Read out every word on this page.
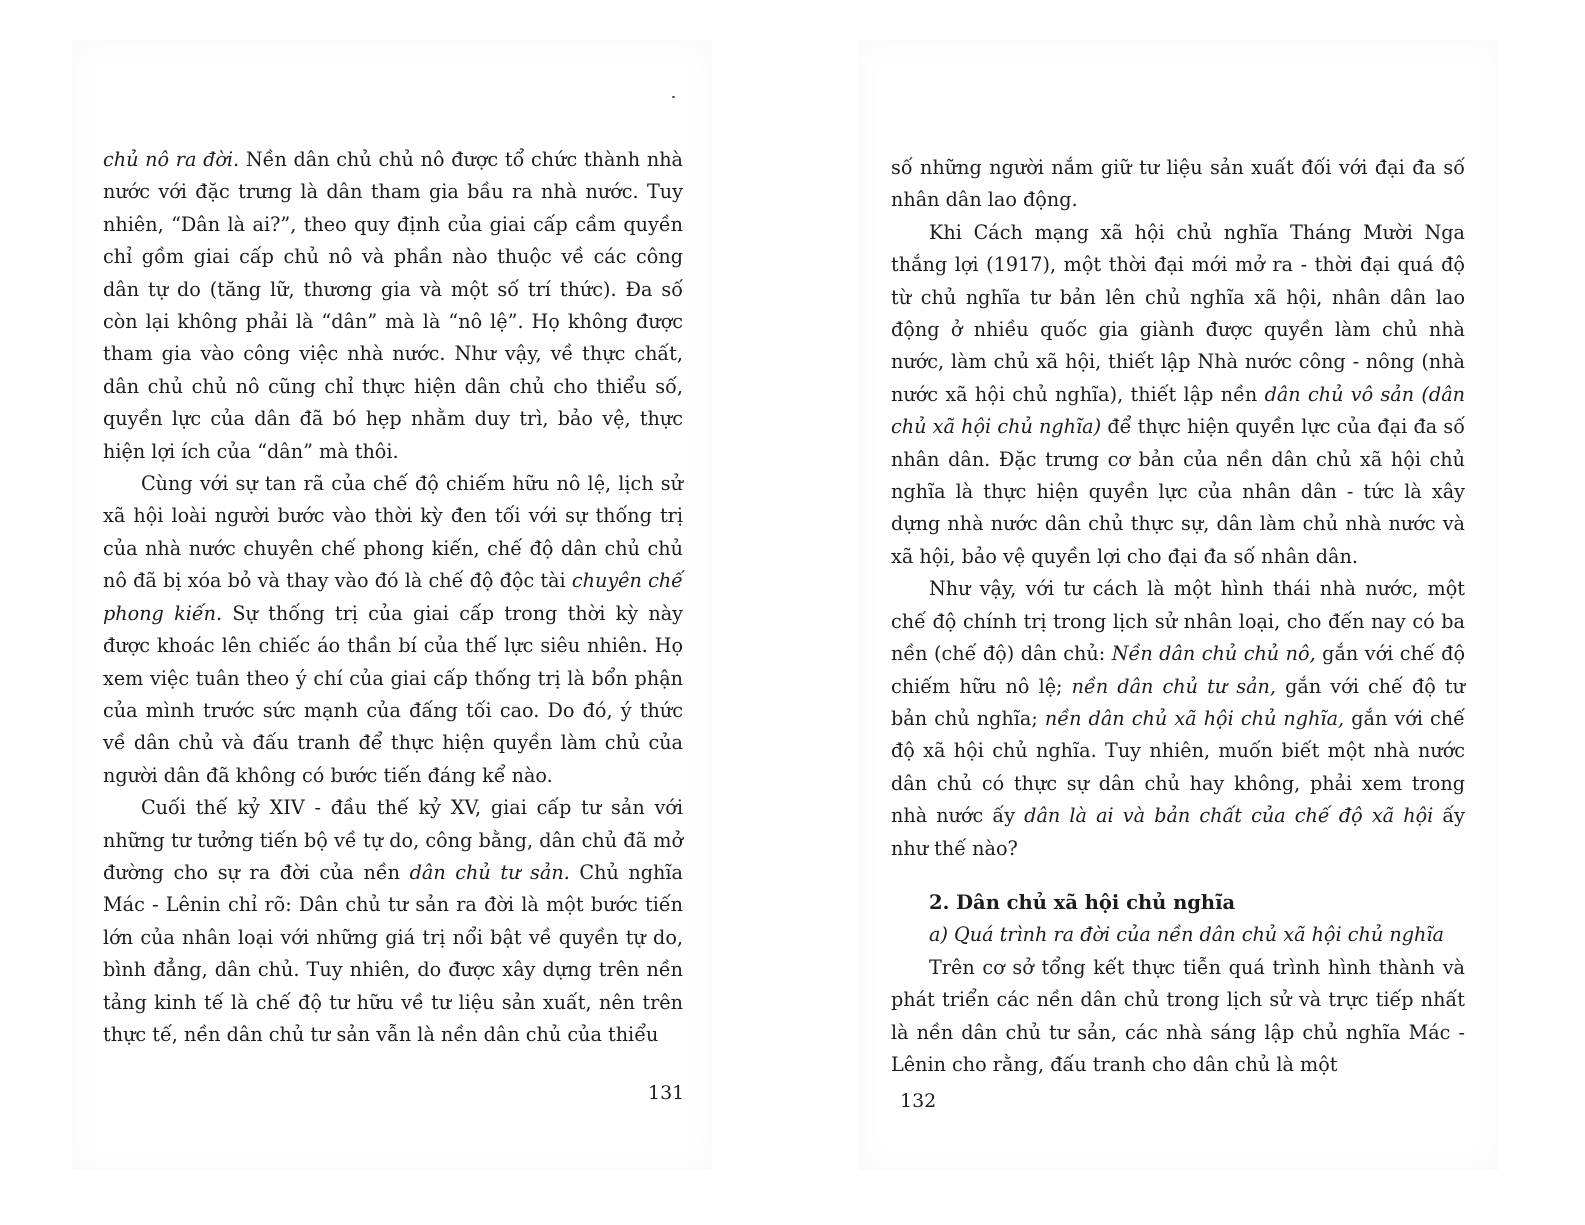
chủ nô ra đời. Nền dân chủ chủ nô được tổ chức thành nhà nước với đặc trưng là dân tham gia bầu ra nhà nước. Tuy nhiên, “Dân là ai?”, theo quy định của giai cấp cầm quyền chỉ gồm giai cấp chủ nô và phần nào thuộc về các công dân tự do (tăng lữ, thương gia và một số trí thức). Đa số còn lại không phải là “dân” mà là “nô lệ”. Họ không được tham gia vào công việc nhà nước. Như vậy, về thực chất, dân chủ chủ nô cũng chỉ thực hiện dân chủ cho thiểu số, quyền lực của dân đã bó hẹp nhằm duy trì, bảo vệ, thực hiện lợi ích của “dân” mà thôi.

Cùng với sự tan rã của chế độ chiếm hữu nô lệ, lịch sử xã hội loài người bước vào thời kỳ đen tối với sự thống trị của nhà nước chuyên chế phong kiến, chế độ dân chủ chủ nô đã bị xóa bỏ và thay vào đó là chế độ độc tài chuyên chế phong kiến. Sự thống trị của giai cấp trong thời kỳ này được khoác lên chiếc áo thần bí của thế lực siêu nhiên. Họ xem việc tuân theo ý chí của giai cấp thống trị là bổn phận của mình trước sức mạnh của đấng tối cao. Do đó, ý thức về dân chủ và đấu tranh để thực hiện quyền làm chủ của người dân đã không có bước tiến đáng kể nào.

Cuối thế kỷ XIV - đầu thế kỷ XV, giai cấp tư sản với những tư tưởng tiến bộ về tự do, công bằng, dân chủ đã mở đường cho sự ra đời của nền dân chủ tư sản. Chủ nghĩa Mác - Lênin chỉ rõ: Dân chủ tư sản ra đời là một bước tiến lớn của nhân loại với những giá trị nổi bật về quyền tự do, bình đẳng, dân chủ. Tuy nhiên, do được xây dựng trên nền tảng kinh tế là chế độ tư hữu về tư liệu sản xuất, nên trên thực tế, nền dân chủ tư sản vẫn là nền dân chủ của thiểu

131

số những người nắm giữ tư liệu sản xuất đối với đại đa số nhân dân lao động.

Khi Cách mạng xã hội chủ nghĩa Tháng Mười Nga thắng lợi (1917), một thời đại mới mở ra - thời đại quá độ từ chủ nghĩa tư bản lên chủ nghĩa xã hội, nhân dân lao động ở nhiều quốc gia giành được quyền làm chủ nhà nước, làm chủ xã hội, thiết lập Nhà nước công - nông (nhà nước xã hội chủ nghĩa), thiết lập nền dân chủ vô sản (dân chủ xã hội chủ nghĩa) để thực hiện quyền lực của đại đa số nhân dân. Đặc trưng cơ bản của nền dân chủ xã hội chủ nghĩa là thực hiện quyền lực của nhân dân - tức là xây dựng nhà nước dân chủ thực sự, dân làm chủ nhà nước và xã hội, bảo vệ quyền lợi cho đại đa số nhân dân.

Như vậy, với tư cách là một hình thái nhà nước, một chế độ chính trị trong lịch sử nhân loại, cho đến nay có ba nền (chế độ) dân chủ: Nền dân chủ chủ nô, gắn với chế độ chiếm hữu nô lệ; nền dân chủ tư sản, gắn với chế độ tư bản chủ nghĩa; nền dân chủ xã hội chủ nghĩa, gắn với chế độ xã hội chủ nghĩa. Tuy nhiên, muốn biết một nhà nước dân chủ có thực sự dân chủ hay không, phải xem trong nhà nước ấy dân là ai và bản chất của chế độ xã hội ấy như thế nào?

2. Dân chủ xã hội chủ nghĩa
a) Quá trình ra đời của nền dân chủ xã hội chủ nghĩa

Trên cơ sở tổng kết thực tiễn quá trình hình thành và phát triển các nền dân chủ trong lịch sử và trực tiếp nhất là nền dân chủ tư sản, các nhà sáng lập chủ nghĩa Mác - Lênin cho rằng, đấu tranh cho dân chủ là một

132
